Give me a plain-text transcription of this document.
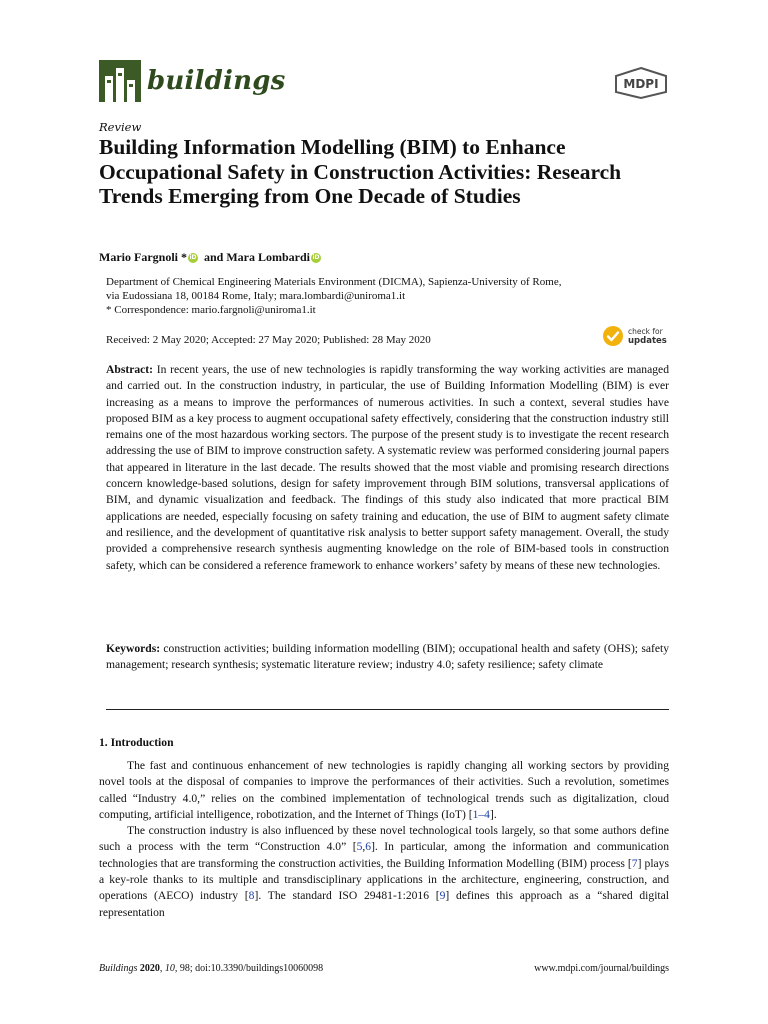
buildings	MDPI
Review
Building Information Modelling (BIM) to Enhance Occupational Safety in Construction Activities: Research Trends Emerging from One Decade of Studies
Mario Fargnoli * iD and Mara Lombardi iD
Department of Chemical Engineering Materials Environment (DICMA), Sapienza-University of Rome,
via Eudossiana 18, 00184 Rome, Italy; mara.lombardi@uniroma1.it
* Correspondence: mario.fargnoli@uniroma1.it
Received: 2 May 2020; Accepted: 27 May 2020; Published: 28 May 2020
check for
updates
Abstract: In recent years, the use of new technologies is rapidly transforming the way working activities are managed and carried out. In the construction industry, in particular, the use of Building Information Modelling (BIM) is ever increasing as a means to improve the performances of numerous activities. In such a context, several studies have proposed BIM as a key process to augment occupational safety effectively, considering that the construction industry still remains one of the most hazardous working sectors. The purpose of the present study is to investigate the recent research addressing the use of BIM to improve construction safety. A systematic review was performed considering journal papers that appeared in literature in the last decade. The results showed that the most viable and promising research directions concern knowledge-based solutions, design for safety improvement through BIM solutions, transversal applications of BIM, and dynamic visualization and feedback. The findings of this study also indicated that more practical BIM applications are needed, especially focusing on safety training and education, the use of BIM to augment safety climate and resilience, and the development of quantitative risk analysis to better support safety management. Overall, the study provided a comprehensive research synthesis augmenting knowledge on the role of BIM-based tools in construction safety, which can be considered a reference framework to enhance workers’ safety by means of these new technologies.
Keywords: construction activities; building information modelling (BIM); occupational health and safety (OHS); safety management; research synthesis; systematic literature review; industry 4.0; safety resilience; safety climate
1. Introduction

The fast and continuous enhancement of new technologies is rapidly changing all working sectors by providing novel tools at the disposal of companies to improve the performances of their activities. Such a revolution, sometimes called “Industry 4.0,” relies on the combined implementation of technological trends such as digitalization, cloud computing, artificial intelligence, robotization, and the Internet of Things (IoT) [1–4].

The construction industry is also influenced by these novel technological tools largely, so that some authors define such a process with the term “Construction 4.0” [5,6]. In particular, among the information and communication technologies that are transforming the construction activities, the Building Information Modelling (BIM) process [7] plays a key-role thanks to its multiple and transdisciplinary applications in the architecture, engineering, construction, and operations (AECO) industry [8]. The standard ISO 29481-1:2016 [9] defines this approach as a “shared digital representation

Buildings 2020, 10, 98; doi:10.3390/buildings10060098	www.mdpi.com/journal/buildings
